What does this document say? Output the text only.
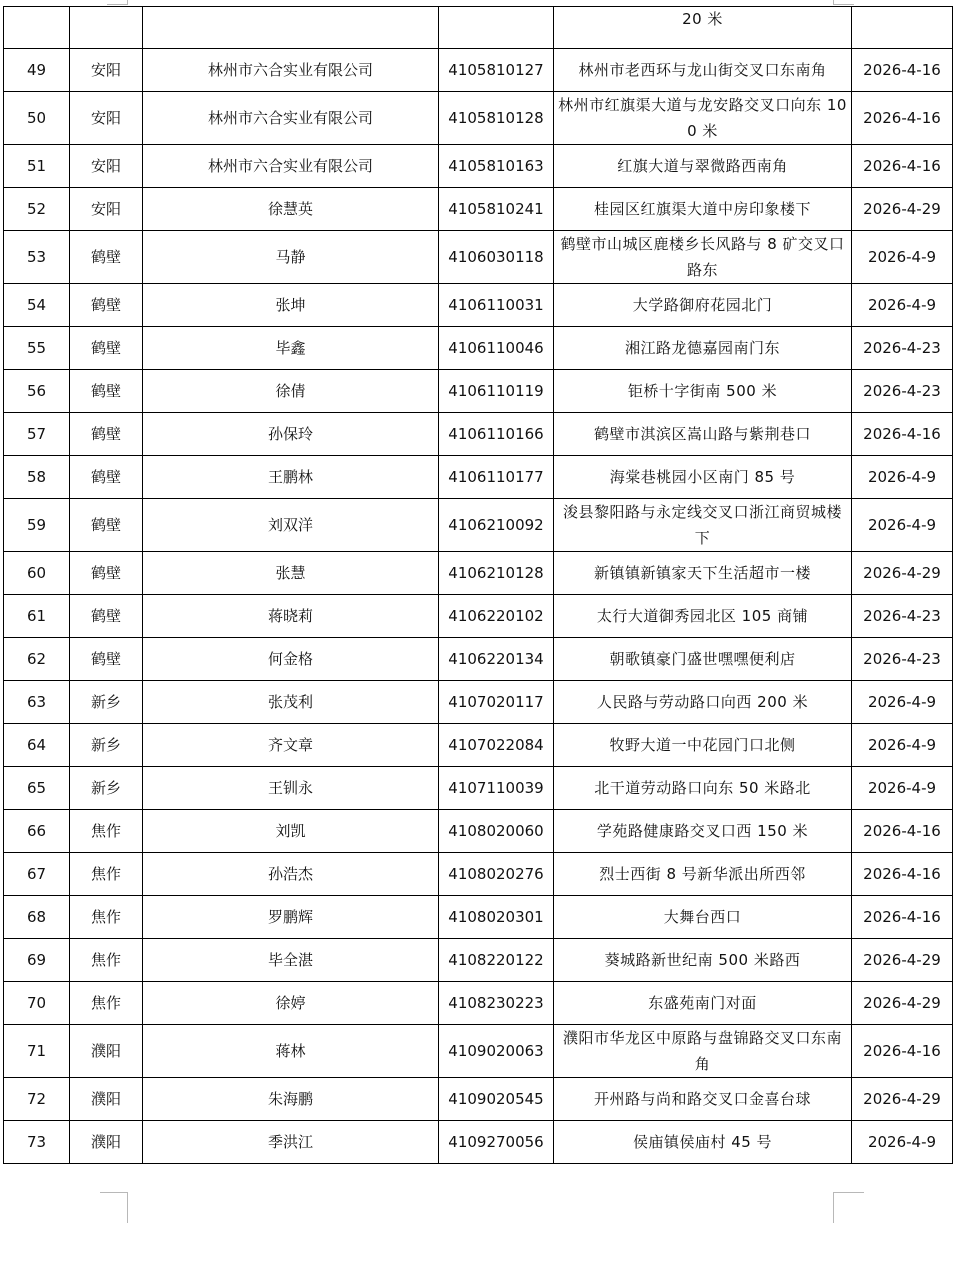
				20 米	
49	安阳	林州市六合实业有限公司	4105810127	林州市老西环与龙山街交叉口东南角	2026-4-16
50	安阳	林州市六合实业有限公司	4105810128	林州市红旗渠大道与龙安路交叉口向东 100 米	2026-4-16
51	安阳	林州市六合实业有限公司	4105810163	红旗大道与翠微路西南角	2026-4-16
52	安阳	徐慧英	4105810241	桂园区红旗渠大道中房印象楼下	2026-4-29
53	鹤壁	马静	4106030118	鹤壁市山城区鹿楼乡长风路与 8 矿交叉口路东	2026-4-9
54	鹤壁	张坤	4106110031	大学路御府花园北门	2026-4-9
55	鹤壁	毕鑫	4106110046	湘江路龙德嘉园南门东	2026-4-23
56	鹤壁	徐倩	4106110119	钜桥十字街南 500 米	2026-4-23
57	鹤壁	孙保玲	4106110166	鹤壁市淇滨区嵩山路与紫荆巷口	2026-4-16
58	鹤壁	王鹏林	4106110177	海棠巷桃园小区南门 85 号	2026-4-9
59	鹤壁	刘双洋	4106210092	浚县黎阳路与永定线交叉口浙江商贸城楼下	2026-4-9
60	鹤壁	张慧	4106210128	新镇镇新镇家天下生活超市一楼	2026-4-29
61	鹤壁	蒋晓莉	4106220102	太行大道御秀园北区 105 商铺	2026-4-23
62	鹤壁	何金格	4106220134	朝歌镇豪门盛世嘿嘿便利店	2026-4-23
63	新乡	张茂利	4107020117	人民路与劳动路口向西 200 米	2026-4-9
64	新乡	齐文章	4107022084	牧野大道一中花园门口北侧	2026-4-9
65	新乡	王钏永	4107110039	北干道劳动路口向东 50 米路北	2026-4-9
66	焦作	刘凯	4108020060	学苑路健康路交叉口西 150 米	2026-4-16
67	焦作	孙浩杰	4108020276	烈士西街 8 号新华派出所西邻	2026-4-16
68	焦作	罗鹏辉	4108020301	大舞台西口	2026-4-16
69	焦作	毕全湛	4108220122	葵城路新世纪南 500 米路西	2026-4-29
70	焦作	徐婷	4108230223	东盛苑南门对面	2026-4-29
71	濮阳	蒋林	4109020063	濮阳市华龙区中原路与盘锦路交叉口东南角	2026-4-16
72	濮阳	朱海鹏	4109020545	开州路与尚和路交叉口金喜台球	2026-4-29
73	濮阳	季洪江	4109270056	侯庙镇侯庙村 45 号	2026-4-9
